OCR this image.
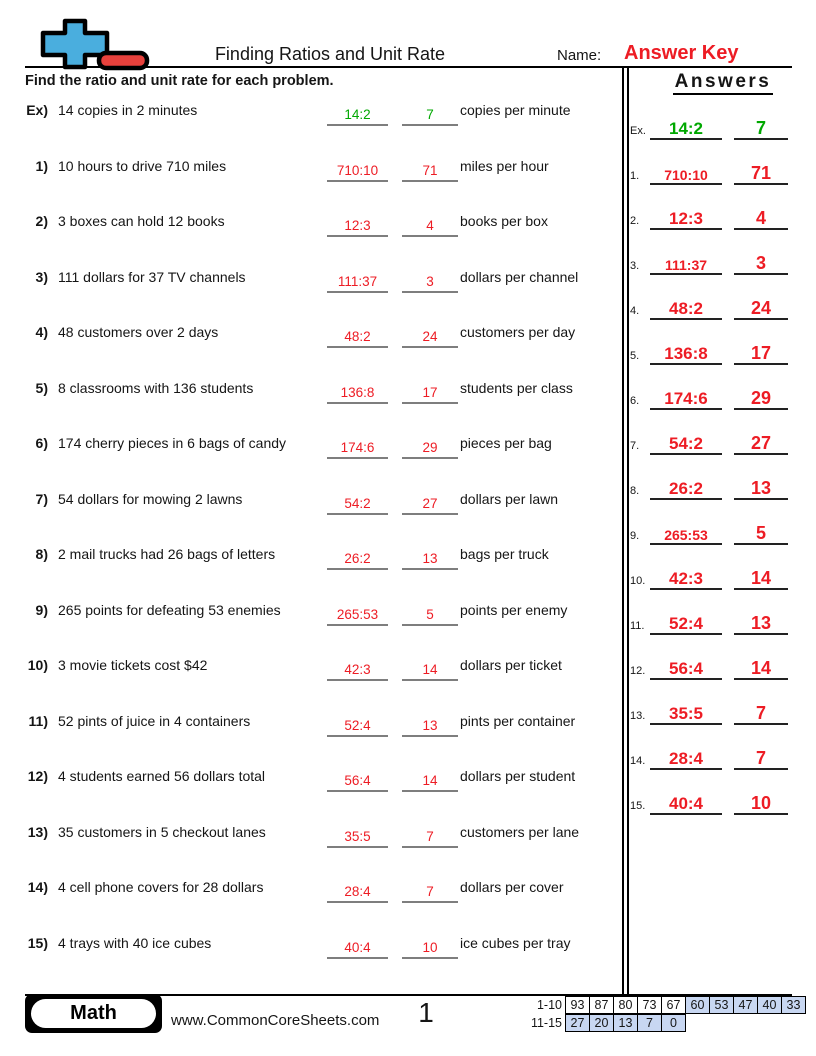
Finding Ratios and Unit Rate	Name: Answer Key
Find the ratio and unit rate for each problem.	Answers
Ex) 14 copies in 2 minutes	14:2	7	copies per minute
1) 10 hours to drive 710 miles	710:10	71	miles per hour
2) 3 boxes can hold 12 books	12:3	4	books per box
3) 111 dollars for 37 TV channels	111:37	3	dollars per channel
4) 48 customers over 2 days	48:2	24	customers per day
5) 8 classrooms with 136 students	136:8	17	students per class
6) 174 cherry pieces in 6 bags of candy	174:6	29	pieces per bag
7) 54 dollars for mowing 2 lawns	54:2	27	dollars per lawn
8) 2 mail trucks had 26 bags of letters	26:2	13	bags per truck
9) 265 points for defeating 53 enemies	265:53	5	points per enemy
10) 3 movie tickets cost $42	42:3	14	dollars per ticket
11) 52 pints of juice in 4 containers	52:4	13	pints per container
12) 4 students earned 56 dollars total	56:4	14	dollars per student
13) 35 customers in 5 checkout lanes	35:5	7	customers per lane
14) 4 cell phone covers for 28 dollars	28:4	7	dollars per cover
15) 4 trays with 40 ice cubes	40:4	10	ice cubes per tray
Ex.	14:2	7
1.	710:10	71
2.	12:3	4
3.	111:37	3
4.	48:2	24
5.	136:8	17
6.	174:6	29
7.	54:2	27
8.	26:2	13
9.	265:53	5
10.	42:3	14
11.	52:4	13
12.	56:4	14
13.	35:5	7
14.	28:4	7
15.	40:4	10
Math	www.CommonCoreSheets.com	1	1-10 93 87 80 73 67 60 53 47 40 33
11-15 27 20 13	7	0
